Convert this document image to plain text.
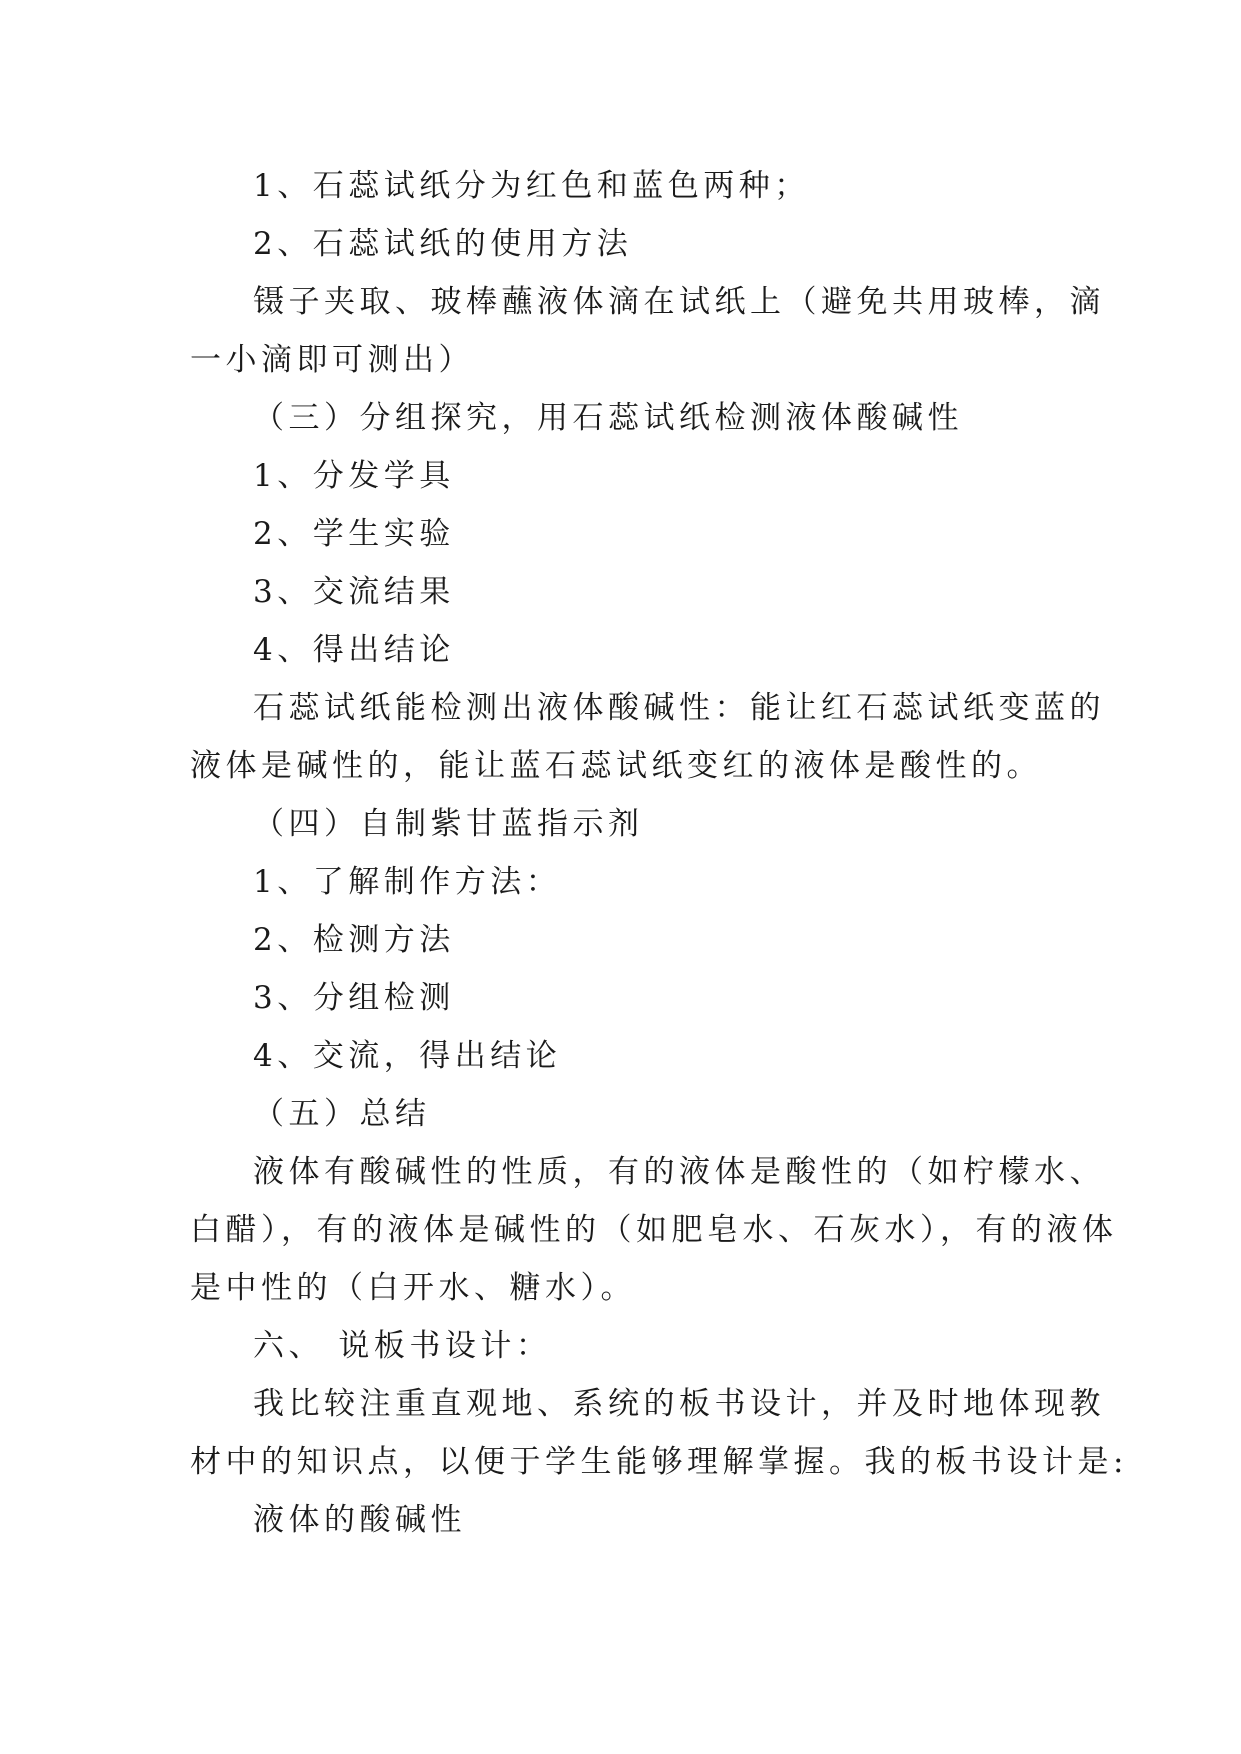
1、石蕊试纸分为红色和蓝色两种；
2、石蕊试纸的使用方法
镊子夹取、玻棒蘸液体滴在试纸上（避免共用玻棒，滴
一小滴即可测出）
（三）分组探究，用石蕊试纸检测液体酸碱性
1、分发学具
2、学生实验
3、交流结果
4、得出结论
石蕊试纸能检测出液体酸碱性：能让红石蕊试纸变蓝的
液体是碱性的，能让蓝石蕊试纸变红的液体是酸性的。
（四）自制紫甘蓝指示剂
1、了解制作方法：
2、检测方法
3、分组检测
4、交流，得出结论
（五）总结
液体有酸碱性的性质，有的液体是酸性的（如柠檬水、
白醋），有的液体是碱性的（如肥皂水、石灰水），有的液体
是中性的（白开水、糖水）。
六、 说板书设计：
我比较注重直观地、系统的板书设计，并及时地体现教
材中的知识点，以便于学生能够理解掌握。我的板书设计是:
液体的酸碱性
